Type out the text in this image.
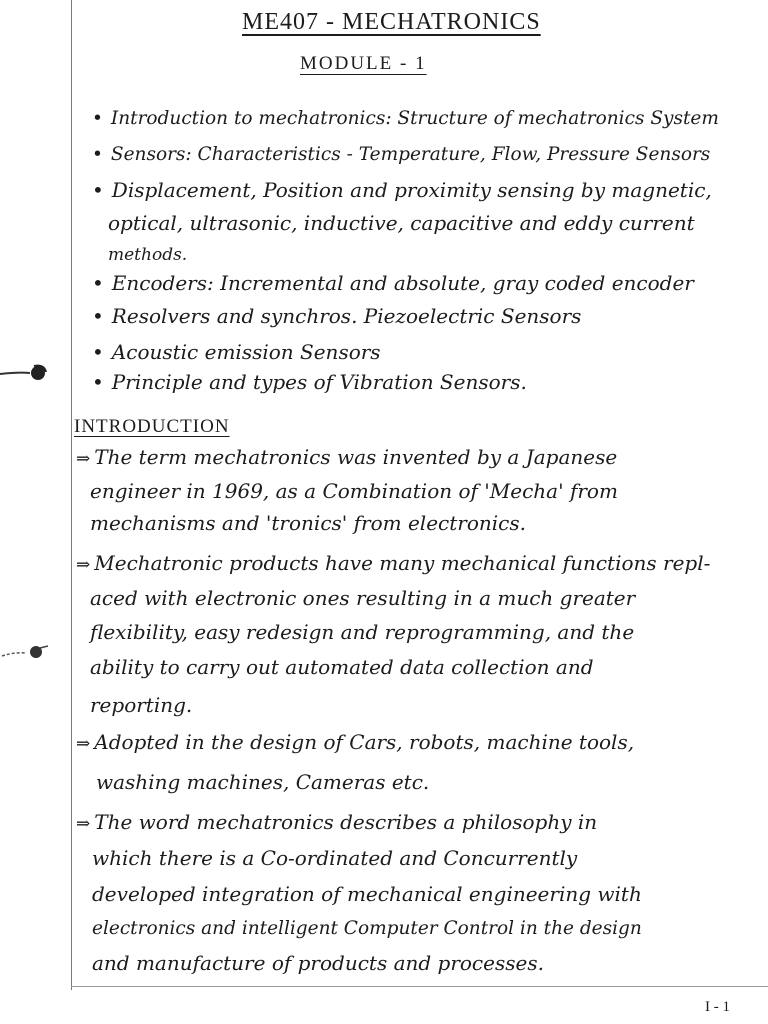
ME407 - MECHATRONICS
MODULE - 1
• Introduction to mechatronics: Structure of mechatronics System
• Sensors: Characteristics - Temperature, Flow, Pressure Sensors
• Displacement, Position and proximity sensing by magnetic,
optical, ultrasonic, inductive, capacitive and eddy current
methods.
• Encoders: Incremental and absolute, gray coded encoder
• Resolvers and synchros. Piezoelectric Sensors
• Acoustic emission Sensors
• Principle and types of Vibration Sensors.
INTRODUCTION
⇒ The term mechatronics was invented by a Japanese
engineer in 1969, as a Combination of 'Mecha' from
mechanisms and 'tronics' from electronics.
⇒ Mechatronic products have many mechanical functions repl-
aced with electronic ones resulting in a much greater
flexibility, easy redesign and reprogramming, and the
ability to carry out automated data collection and
reporting.
⇒ Adopted in the design of Cars, robots, machine tools,
washing machines, Cameras etc.
⇒ The word mechatronics describes a philosophy in
which there is a Co-ordinated and Concurrently
developed integration of mechanical engineering with
electronics and intelligent Computer Control in the design
and manufacture of products and processes.
I - 1
